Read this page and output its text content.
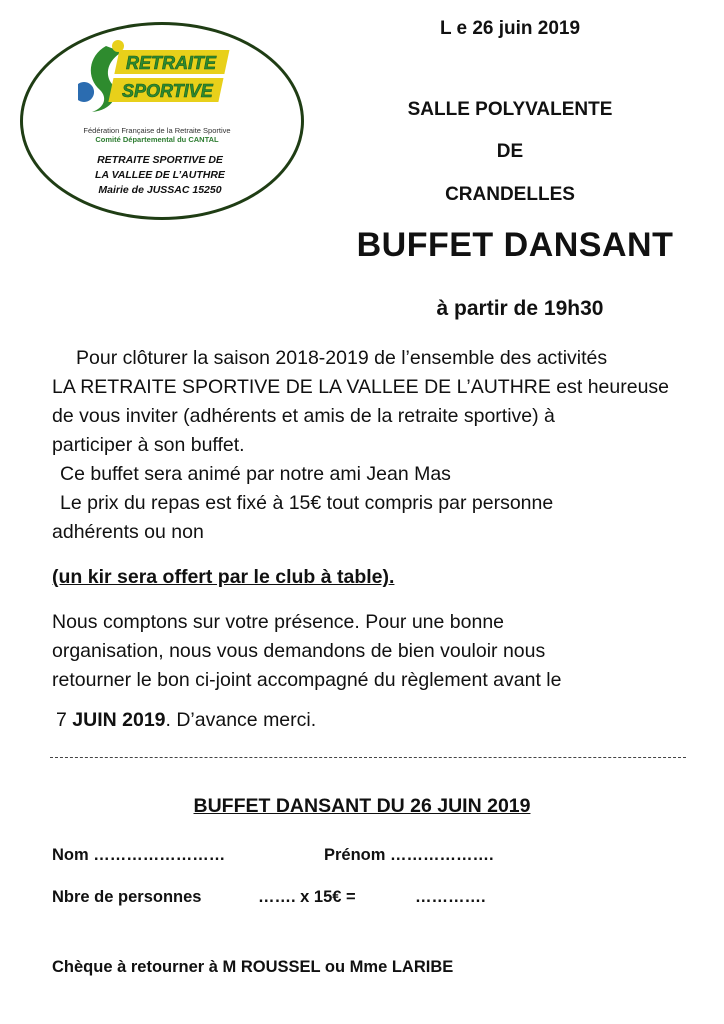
RETRAITE
SPORTIVE
Fédération Française de la Retraite Sportive
Comité Départemental du CANTAL
RETRAITE SPORTIVE DE
LA VALLEE DE L’AUTHRE
Mairie de JUSSAC 15250
L e 26 juin 2019
SALLE POLYVALENTE
DE
CRANDELLES
BUFFET DANSANT
à partir de 19h30
Pour clôturer la saison 2018-2019 de l’ensemble des activités
LA RETRAITE SPORTIVE DE LA VALLEE DE L’AUTHRE est heureuse
de vous inviter (adhérents et amis de la retraite sportive) à
participer à son buffet.
Ce buffet sera animé par notre ami Jean Mas
Le prix du repas est fixé à 15€ tout compris par personne
adhérents ou non
(un kir sera offert par le club à table).
Nous comptons sur votre présence. Pour une bonne
organisation, nous vous demandons de bien vouloir nous
retourner le bon ci-joint accompagné du règlement avant le
7 JUIN 2019. D’avance merci.
BUFFET DANSANT DU 26 JUIN 2019
Nom ……………………	Prénom ……………….
Nbre de personnes	……. x 15€ =	………….
Chèque à retourner à M ROUSSEL ou Mme LARIBE
